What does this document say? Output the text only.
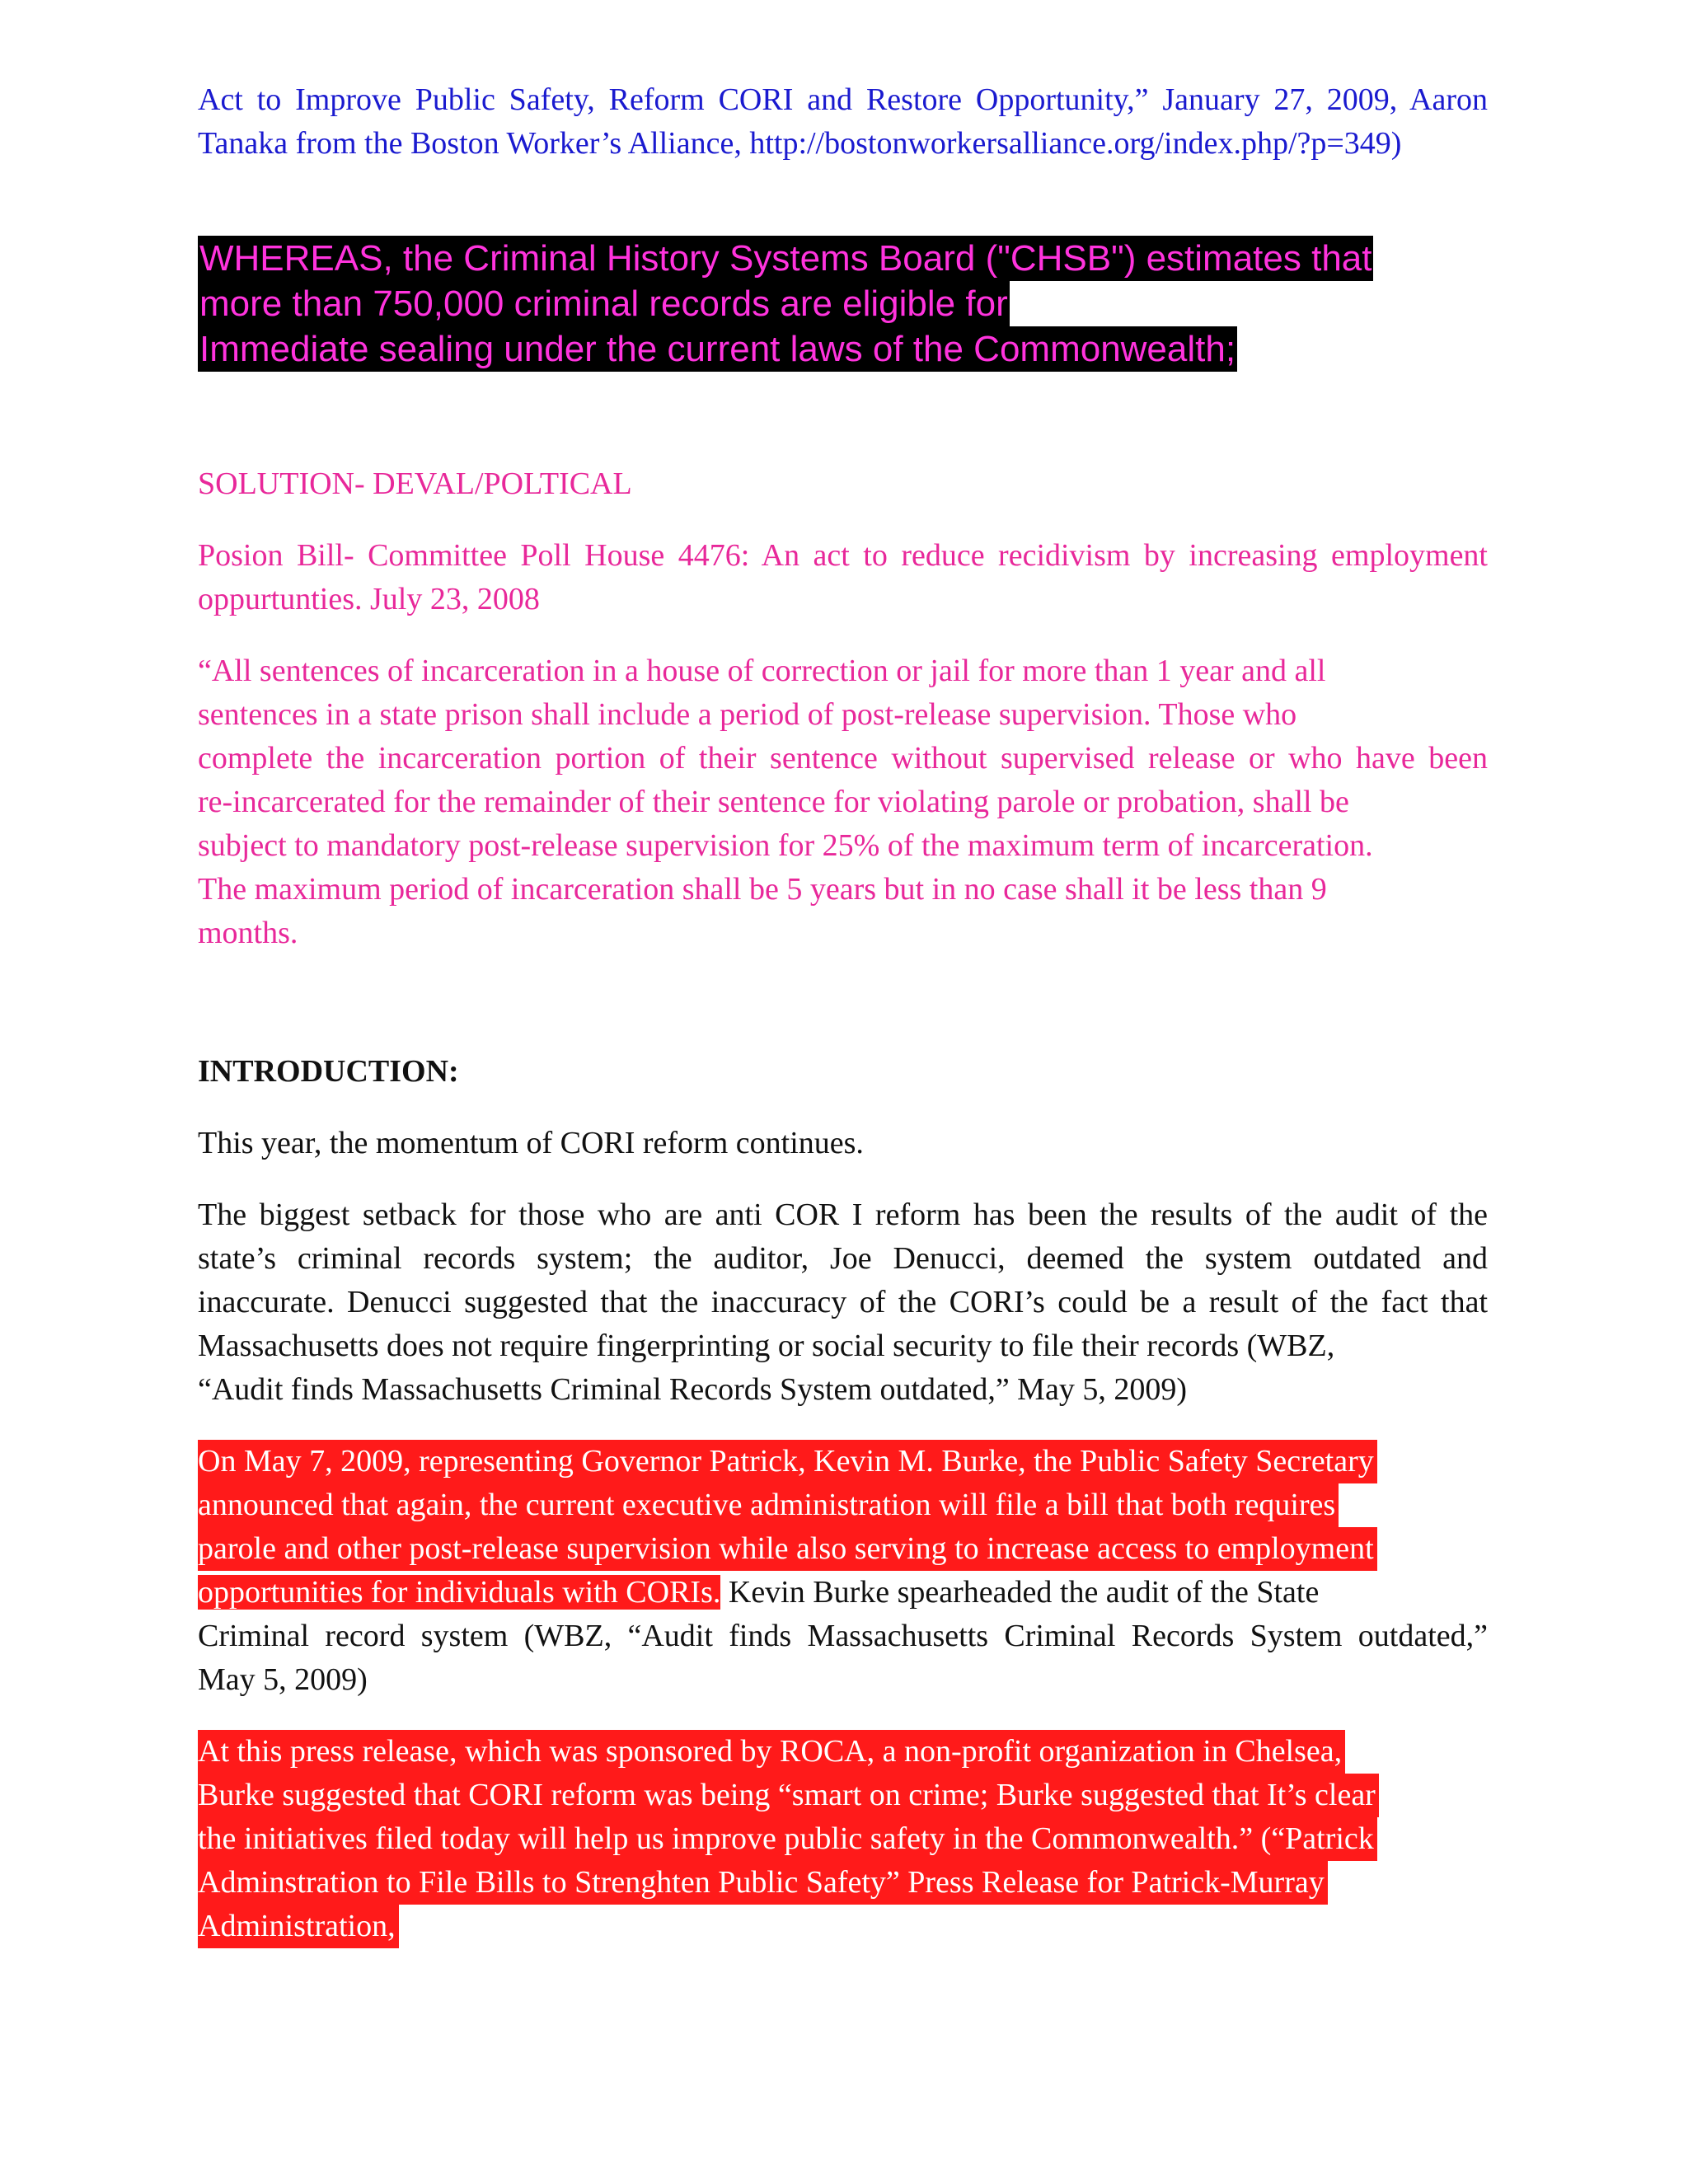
Act to Improve Public Safety, Reform CORI and Restore Opportunity,” January 27, 2009, Aaron
Tanaka from the Boston Worker’s Alliance, http://bostonworkersalliance.org/index.php/?p=349)
WHEREAS, the Criminal History Systems Board ("CHSB") estimates that
more than 750,000 criminal records are eligible for
Immediate sealing under the current laws of the Commonwealth;
SOLUTION- DEVAL/POLTICAL
Posion Bill- Committee Poll House 4476: An act to reduce recidivism by increasing employment
oppurtunties. July 23, 2008
“All sentences of incarceration in a house of correction or jail for more than 1 year and all
sentences in a state prison shall include a period of post-release supervision. Those who
complete the incarceration portion of their sentence without supervised release or who have been
re-incarcerated for the remainder of their sentence for violating parole or probation, shall be
subject to mandatory post-release supervision for 25% of the maximum term of incarceration.
The maximum period of incarceration shall be 5 years but in no case shall it be less than 9
months.
INTRODUCTION:
This year, the momentum of CORI reform continues.
The biggest setback for those who are anti COR I reform has been the results of the audit of the
state’s criminal records system; the auditor, Joe Denucci, deemed the system outdated and
inaccurate. Denucci suggested that the inaccuracy of the CORI’s could be a result of the fact that
Massachusetts does not require fingerprinting or social security to file their records (WBZ,
“Audit finds Massachusetts Criminal Records System outdated,” May 5, 2009)
On May 7, 2009, representing Governor Patrick, Kevin M. Burke, the Public Safety Secretary
announced that again, the current executive administration will file a bill that both requires
parole and other post-release supervision while also serving to increase access to employment

opportunities for individuals with CORIs. Kevin Burke spearheaded the audit of the State
Criminal record system (WBZ, “Audit finds Massachusetts Criminal Records System outdated,”
May 5, 2009)
At this press release, which was sponsored by ROCA, a non-profit organization in Chelsea,
Burke suggested that CORI reform was being “smart on crime; Burke suggested that It’s clear
the initiatives filed today will help us improve public safety in the Commonwealth.” (“Patrick
Adminstration to File Bills to Strenghten Public Safety” Press Release for Patrick-Murray
Administration,
